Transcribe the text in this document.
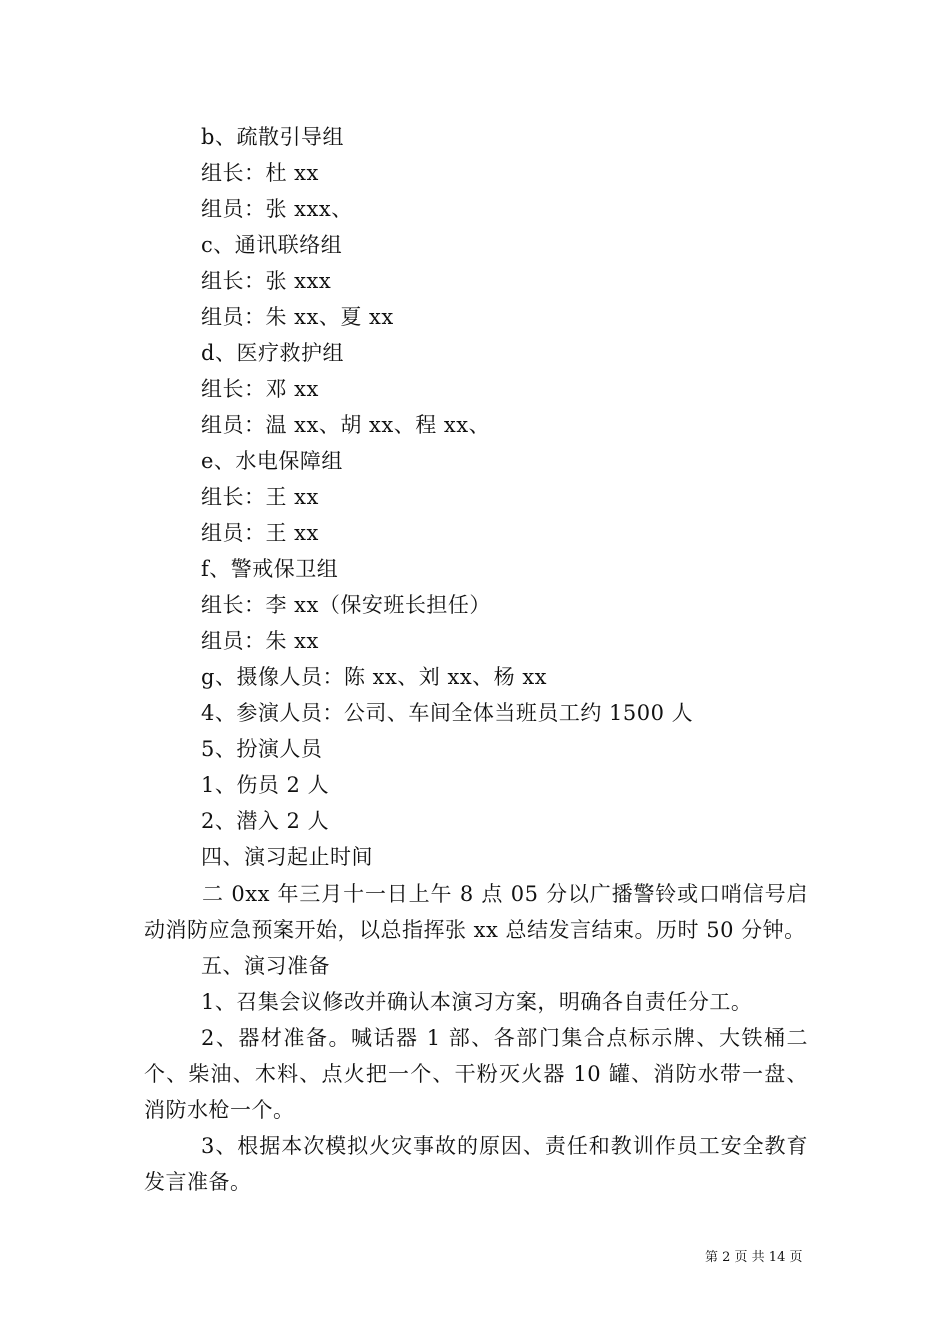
b、疏散引导组
组长：杜 xx
组员：张 xxx、
c、通讯联络组
组长：张 xxx
组员：朱 xx、夏 xx
d、医疗救护组
组长：邓 xx
组员：温 xx、胡 xx、程 xx、
e、水电保障组
组长：王 xx
组员：王 xx
f、警戒保卫组
组长：李 xx（保安班长担任）
组员：朱 xx
g、摄像人员：陈 xx、刘 xx、杨 xx
4、参演人员：公司、车间全体当班员工约 1500 人
5、扮演人员
1、伤员 2 人
2、潜入 2 人
四、演习起止时间
二 0xx 年三月十一日上午 8 点 05 分以广播警铃或口哨信号启动消防应急预案开始，以总指挥张 xx 总结发言结束。历时 50 分钟。
五、演习准备
1、召集会议修改并确认本演习方案，明确各自责任分工。
2、器材准备。喊话器 1 部、各部门集合点标示牌、大铁桶二个、柴油、木料、点火把一个、干粉灭火器 10 罐、消防水带一盘、消防水枪一个。
3、根据本次模拟火灾事故的原因、责任和教训作员工安全教育发言准备。
第 2 页 共 14 页
